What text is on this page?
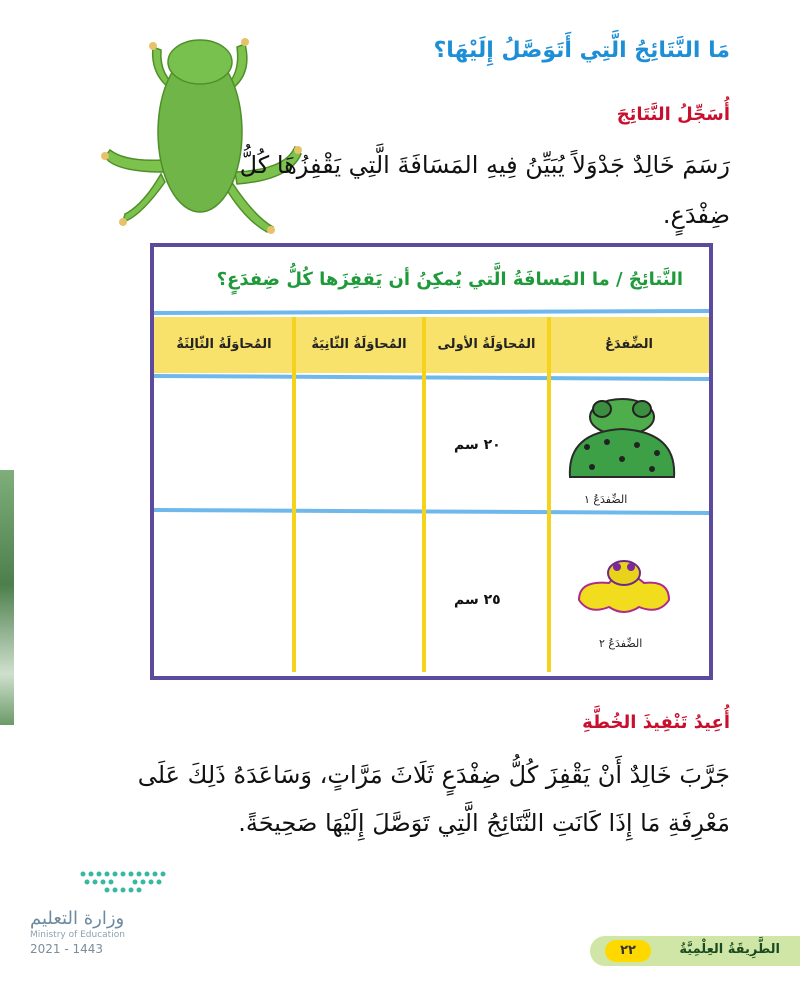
مَا النَّتَائِجُ الَّتِي أَتَوَصَّلُ إِلَيْهَا؟
أُسَجِّلُ النَّتَائِجَ
رَسَمَ خَالِدٌ جَدْوَلاً يُبَيِّنُ فِيهِ المَسَافَةَ الَّتِي يَقْفِزُهَا كُلُّ
ضِفْدَعٍ.
النَّتائِجُ / ما المَسافَةُ الَّتي يُمكِنُ أن يَقفِزَها كُلُّ ضِفدَعٍ؟
الضِّفدَعُ
المُحاوَلَةُ الأولى
المُحاوَلَةُ الثّانِيَةُ
المُحاوَلَةُ الثّالِثَةُ
الضِّفدَعُ ١
٢٠ سم
الضِّفدَعُ ٢
٢٥ سم
أُعِيدُ تَنْفِيذَ الخُطَّةِ
جَرَّبَ خَالِدٌ أَنْ يَقْفِزَ كُلُّ ضِفْدَعٍ ثَلَاثَ مَرَّاتٍ، وَسَاعَدَهُ ذَلِكَ عَلَى
مَعْرِفَةِ مَا إِذَا كَانَتِ النَّتَائِجُ الَّتِي تَوَصَّلَ إِلَيْهَا صَحِيحَةً.
وزارة التعليم
Ministry of Education
2021 - 1443	الطَّرِيقَةُ العِلْمِيَّةُ
٢٢
